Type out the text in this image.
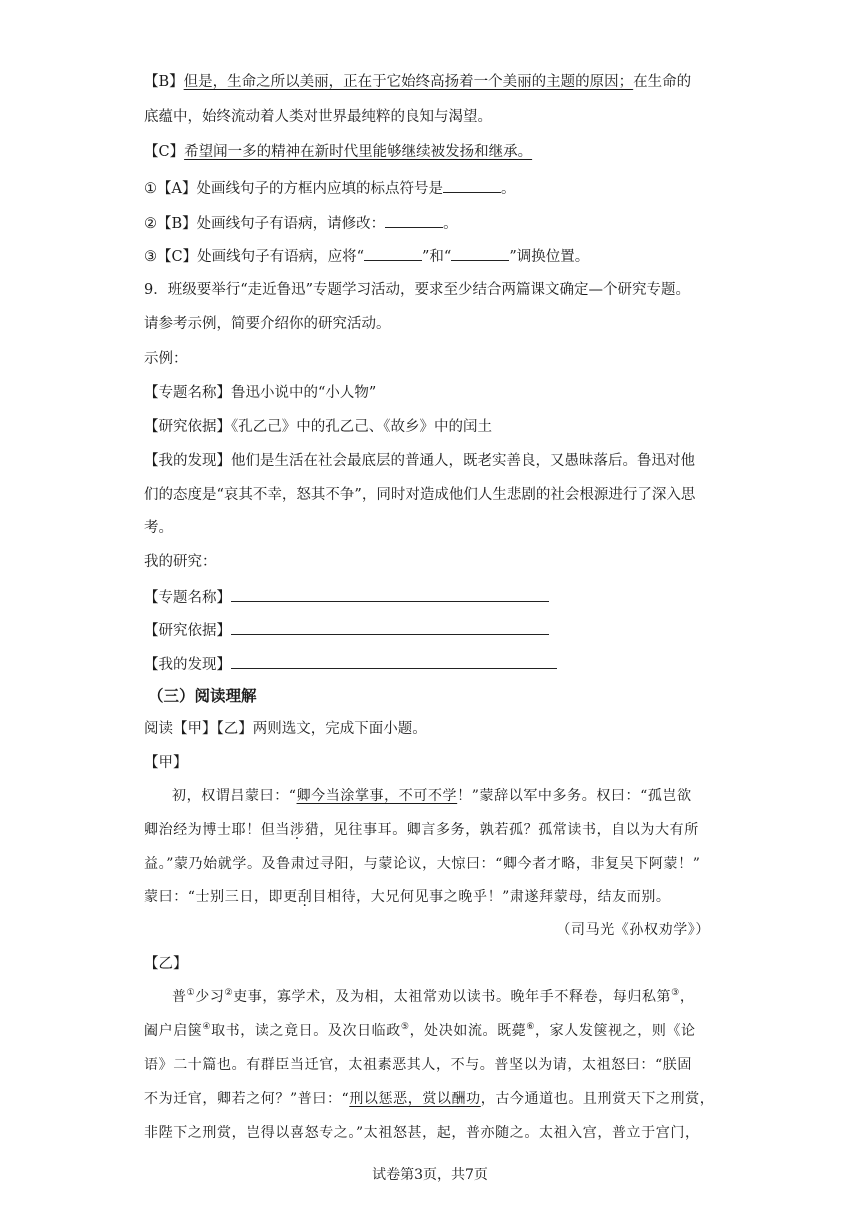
【B】但是，生命之所以美丽，正在于它始终高扬着一个美丽的主题的原因；在生命的
底蕴中，始终流动着人类对世界最纯粹的良知与渴望。
【C】希望闻一多的精神在新时代里能够继续被发扬和继承。
①【A】处画线句子的方框内应填的标点符号是	。
②【B】处画线句子有语病，请修改：	。
③【C】处画线句子有语病，应将“	”和“	”调换位置。
9．班级要举行“走近鲁迅”专题学习活动，要求至少结合两篇课文确定—个研究专题。
请参考示例，简要介绍你的研究活动。
示例：
【专题名称】鲁迅小说中的“小人物”
【研究依据】《孔乙己》中的孔乙己、《故乡》中的闰土
【我的发现】他们是生活在社会最底层的普通人，既老实善良，又愚昧落后。鲁迅对他
们的态度是“哀其不幸，怒其不争”，同时对造成他们人生悲剧的社会根源进行了深入思
考。
我的研究：
【专题名称】
【研究依据】
【我的发现】
（三）阅读理解
阅读【甲】【乙】两则选文，完成下面小题。
【甲】
初，权谓吕蒙曰：“卿今当涂掌事，不可不学！”蒙辞以军中多务。权曰：“孤岂欲
卿治经为博士耶！但当涉猎，见往事耳。卿言多务，孰若孤？孤常读书，自以为大有所
益。”蒙乃始就学。及鲁肃过寻阳，与蒙论议，大惊曰：“卿今者才略，非复吴下阿蒙！”
蒙曰：“士别三日，即更刮目相待，大兄何见事之晚乎！”肃遂拜蒙母，结友而别。
（司马光《孙权劝学》）
【乙】
普①少习②吏事，寡学术，及为相，太祖常劝以读书。晚年手不释卷，每归私第③，
阖户启箧④取书，读之竟日。及次日临政⑤，处决如流。既薨⑥，家人发箧视之，则《论
语》二十篇也。有群臣当迁官，太祖素恶其人，不与。普坚以为请，太祖怒曰：“朕固
不为迁官，卿若之何？”普曰：“刑以惩恶，赏以酬功，古今通道也。且刑赏天下之刑赏，
非陛下之刑赏，岂得以喜怒专之。”太祖怒甚，起，普亦随之。太祖入宫，普立于宫门，
试卷第3页，共7页
